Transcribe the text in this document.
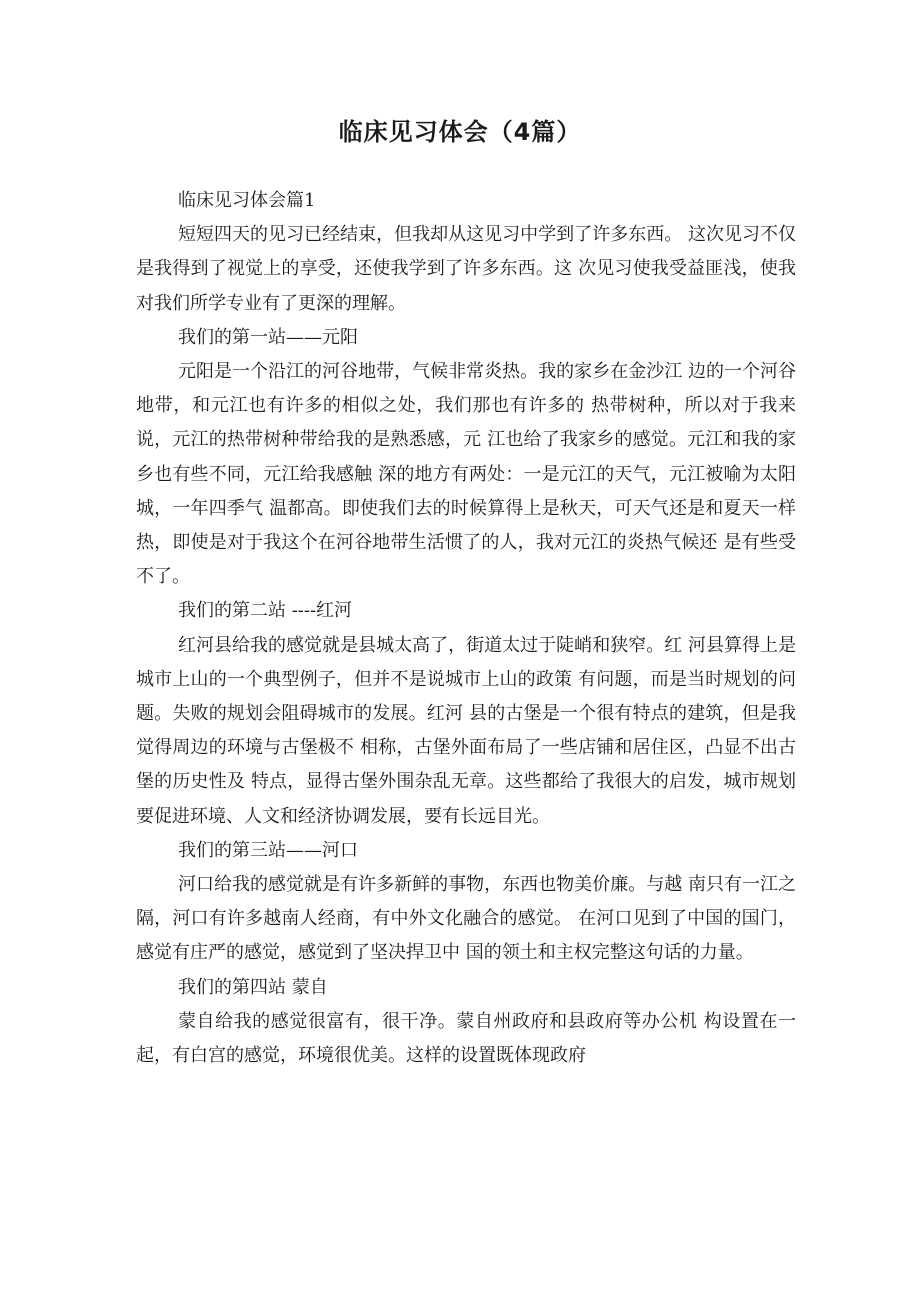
临床见习体会（4篇）

临床见习体会篇1

短短四天的见习已经结束，但我却从这见习中学到了许多东西。 这次见习不仅是我得到了视觉上的享受，还使我学到了许多东西。这 次见习使我受益匪浅，使我对我们所学专业有了更深的理解。

我们的第一站——元阳

元阳是一个沿江的河谷地带，气候非常炎热。我的家乡在金沙江 边的一个河谷地带，和元江也有许多的相似之处，我们那也有许多的 热带树种，所以对于我来说，元江的热带树种带给我的是熟悉感，元 江也给了我家乡的感觉。元江和我的家乡也有些不同，元江给我感触 深的地方有两处：一是元江的天气，元江被喻为太阳城，一年四季气 温都高。即使我们去的时候算得上是秋天，可天气还是和夏天一样热，即使是对于我这个在河谷地带生活惯了的人，我对元江的炎热气候还 是有些受不了。

我们的第二站 ----红河

红河县给我的感觉就是县城太高了，街道太过于陡峭和狭窄。红 河县算得上是城市上山的一个典型例子，但并不是说城市上山的政策 有问题，而是当时规划的问题。失败的规划会阻碍城市的发展。红河 县的古堡是一个很有特点的建筑，但是我觉得周边的环境与古堡极不 相称，古堡外面布局了一些店铺和居住区，凸显不出古堡的历史性及 特点，显得古堡外围杂乱无章。这些都给了我很大的启发，城市规划 要促进环境、人文和经济协调发展，要有长远目光。

我们的第三站——河口

河口给我的感觉就是有许多新鲜的事物，东西也物美价廉。与越 南只有一江之隔，河口有许多越南人经商，有中外文化融合的感觉。 在河口见到了中国的国门，感觉有庄严的感觉，感觉到了坚决捍卫中 国的领土和主权完整这句话的力量。

我们的第四站 蒙自

蒙自给我的感觉很富有，很干净。蒙自州政府和县政府等办公机 构设置在一起，有白宫的感觉，环境很优美。这样的设置既体现政府
